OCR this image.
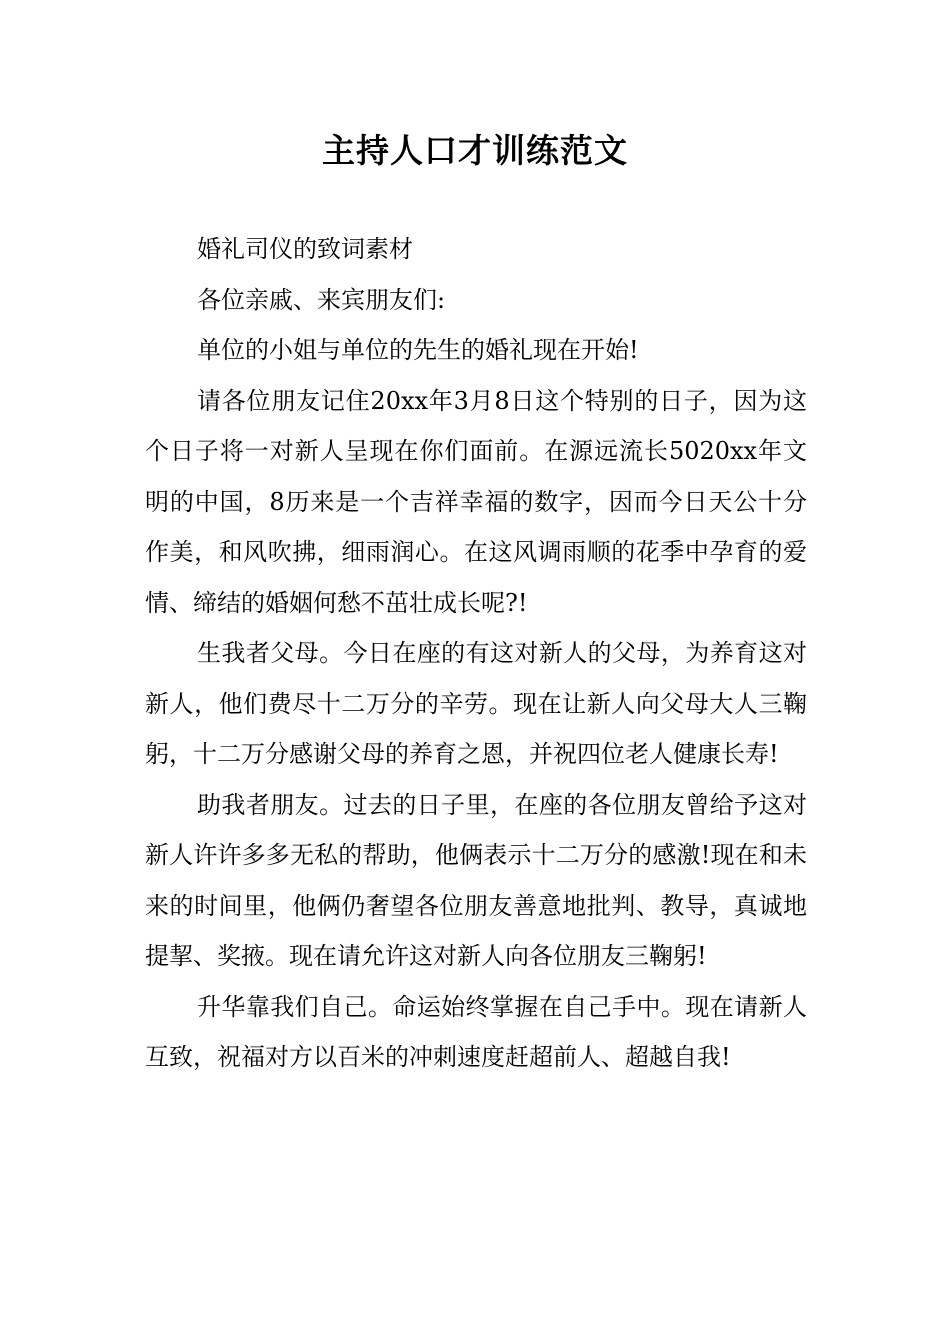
主持人口才训练范文

婚礼司仪的致词素材

各位亲戚、来宾朋友们:

单位的小姐与单位的先生的婚礼现在开始!

请各位朋友记住20xx年3月8日这个特别的日子，因为这个日子将一对新人呈现在你们面前。在源远流长5020xx年文明的中国，8历来是一个吉祥幸福的数字，因而今日天公十分作美，和风吹拂，细雨润心。在这风调雨顺的花季中孕育的爱情、缔结的婚姻何愁不茁壮成长呢?!

生我者父母。今日在座的有这对新人的父母，为养育这对新人，他们费尽十二万分的辛劳。现在让新人向父母大人三鞠躬，十二万分感谢父母的养育之恩，并祝四位老人健康长寿!

助我者朋友。过去的日子里，在座的各位朋友曾给予这对新人许许多多无私的帮助，他俩表示十二万分的感激!现在和未来的时间里，他俩仍奢望各位朋友善意地批判、教导，真诚地提挈、奖掖。现在请允许这对新人向各位朋友三鞠躬!

升华靠我们自己。命运始终掌握在自己手中。现在请新人互致，祝福对方以百米的冲刺速度赶超前人、超越自我!
